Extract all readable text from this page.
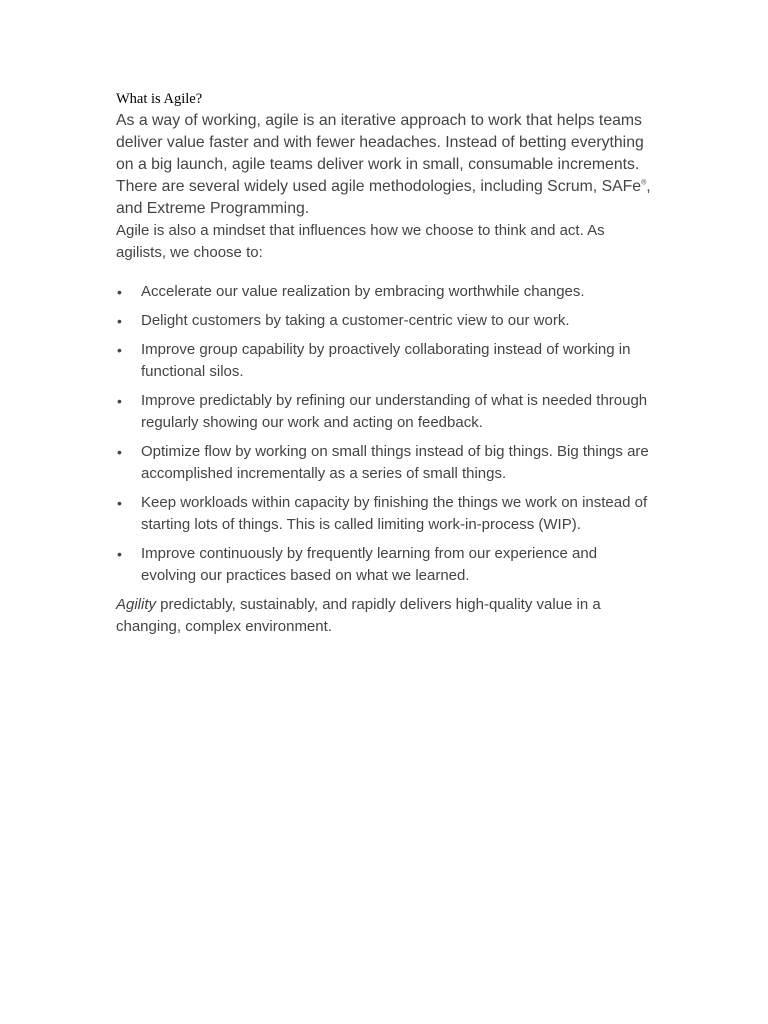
What is Agile?

As a way of working, agile is an iterative approach to work that helps teams deliver value faster and with fewer headaches. Instead of betting everything on a big launch, agile teams deliver work in small, consumable increments. There are several widely used agile methodologies, including Scrum, SAFe®, and Extreme Programming.

Agile is also a mindset that influences how we choose to think and act. As agilists, we choose to:

• Accelerate our value realization by embracing worthwhile changes.
• Delight customers by taking a customer-centric view to our work.
• Improve group capability by proactively collaborating instead of working in functional silos.
• Improve predictably by refining our understanding of what is needed through regularly showing our work and acting on feedback.
• Optimize flow by working on small things instead of big things. Big things are accomplished incrementally as a series of small things.
• Keep workloads within capacity by finishing the things we work on instead of starting lots of things. This is called limiting work-in-process (WIP).
• Improve continuously by frequently learning from our experience and evolving our practices based on what we learned.

Agility predictably, sustainably, and rapidly delivers high-quality value in a changing, complex environment.
